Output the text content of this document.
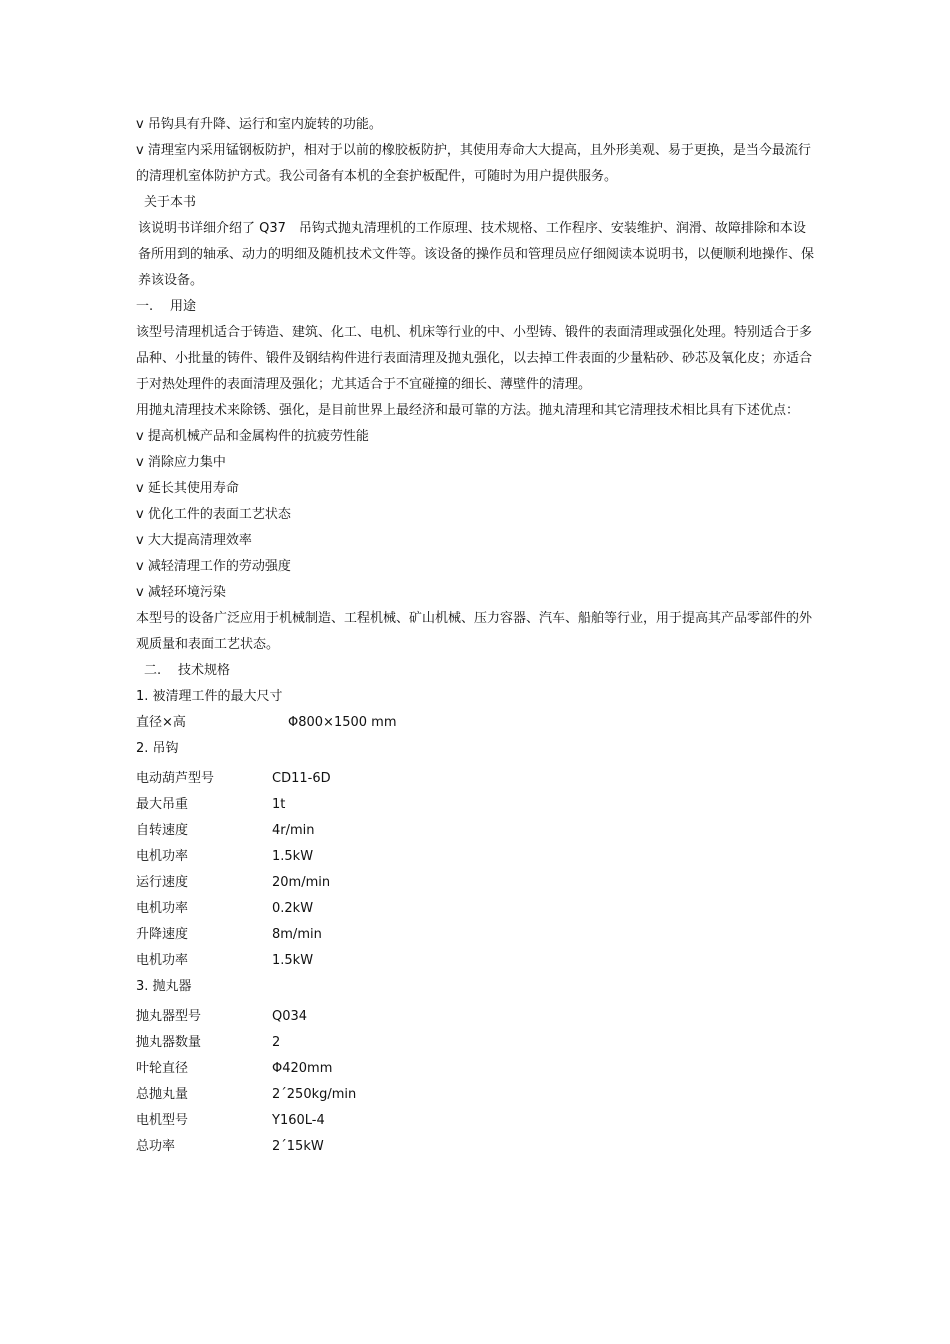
v 吊钩具有升降、运行和室内旋转的功能。
v 清理室内采用锰钢板防护，相对于以前的橡胶板防护，其使用寿命大大提高，且外形美观、易于更换，是当今最流行的清理机室体防护方式。我公司备有本机的全套护板配件，可随时为用户提供服务。
关于本书
该说明书详细介绍了 Q37　吊钩式抛丸清理机的工作原理、技术规格、工作程序、安装维护、润滑、故障排除和本设备所用到的轴承、动力的明细及随机技术文件等。该设备的操作员和管理员应仔细阅读本说明书，以便顺利地操作、保养该设备。
一. 用途
该型号清理机适合于铸造、建筑、化工、电机、机床等行业的中、小型铸、锻件的表面清理或强化处理。特别适合于多品种、小批量的铸件、锻件及钢结构件进行表面清理及抛丸强化，以去掉工件表面的少量粘砂、砂芯及氧化皮；亦适合于对热处理件的表面清理及强化；尤其适合于不宜碰撞的细长、薄壁件的清理。
用抛丸清理技术来除锈、强化，是目前世界上最经济和最可靠的方法。抛丸清理和其它清理技术相比具有下述优点：
v 提高机械产品和金属构件的抗疲劳性能
v 消除应力集中
v 延长其使用寿命
v 优化工件的表面工艺状态
v 大大提高清理效率
v 减轻清理工作的劳动强度
v 减轻环境污染
本型号的设备广泛应用于机械制造、工程机械、矿山机械、压力容器、汽车、船舶等行业，用于提高其产品零部件的外观质量和表面工艺状态。
二. 技术规格
1. 被清理工件的最大尺寸
直径×高	Φ800×1500 mm
2. 吊钩
电动葫芦型号	CD11-6D
最大吊重	1t
自转速度	4r/min
电机功率	1.5kW
运行速度	20m/min
电机功率	0.2kW
升降速度	8m/min
电机功率	1.5kW
3. 抛丸器
抛丸器型号	Q034
抛丸器数量	2
叶轮直径	Φ420mm
总抛丸量	2´250kg/min
电机型号	Y160L-4
总功率	2´15kW
